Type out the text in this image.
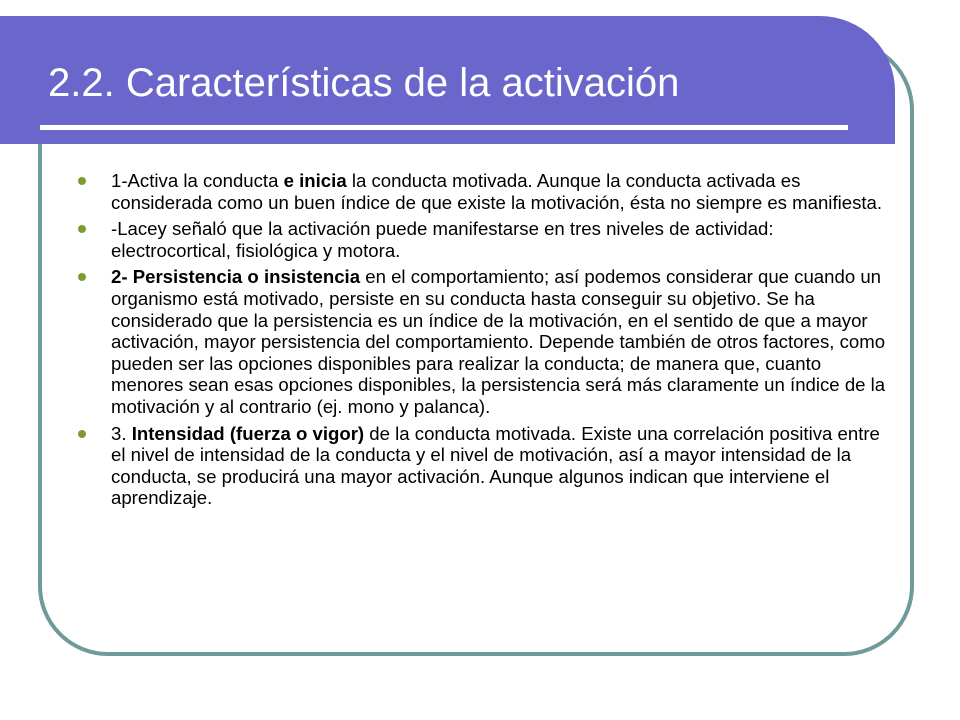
2.2. Características de la activación
1-Activa la conducta e inicia la conducta motivada. Aunque la conducta activada es considerada como un buen índice de que existe la motivación, ésta no siempre es manifiesta.
-Lacey señaló que la activación puede manifestarse en tres niveles de actividad: electrocortical, fisiológica y motora.
2- Persistencia o insistencia en el comportamiento; así podemos considerar que cuando un organismo está motivado, persiste en su conducta hasta conseguir su objetivo. Se ha considerado que la persistencia es un índice de la motivación, en el sentido de que a mayor activación, mayor persistencia del comportamiento. Depende también de otros factores, como pueden ser las opciones disponibles para realizar la conducta; de manera que, cuanto menores sean esas opciones disponibles, la persistencia será más claramente un índice de la motivación y al contrario (ej. mono y palanca).
3. Intensidad (fuerza o vigor) de la conducta motivada. Existe una correlación positiva entre el nivel de intensidad de la conducta y el nivel de motivación, así a mayor intensidad de la conducta, se producirá una mayor activación. Aunque algunos indican que interviene el aprendizaje.
